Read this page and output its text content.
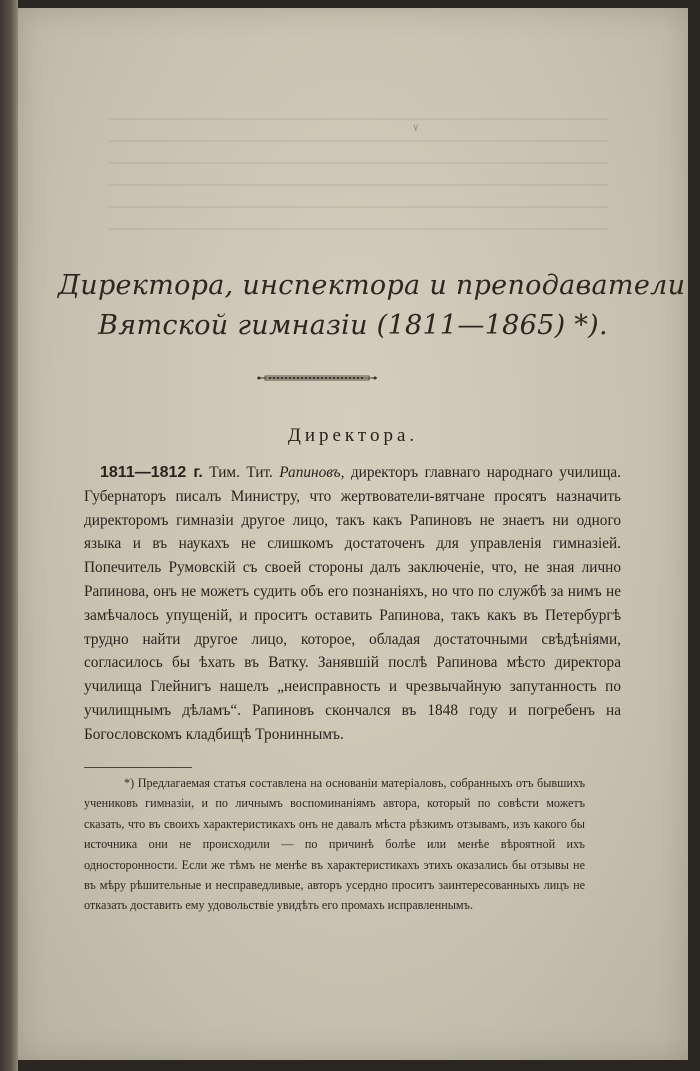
٧
Директора, инспектора и преподаватели
Вятской гимназіи (1811—1865) *).
Директора.

1811—1812 г. Тим. Тит. Рапиновъ, директоръ главнаго народнаго училища. Губернаторъ писалъ Министру, что жертвователи-вятчане просятъ назначить директоромъ гимназіи другое лицо, такъ какъ Рапиновъ не знаетъ ни одного языка и въ наукахъ не слишкомъ достаточенъ для управленія гимназіей. Попечитель Румовскій съ своей стороны далъ заключеніе, что, не зная лично Рапинова, онъ не можетъ судить объ его познаніяхъ, но что по службѣ за нимъ не замѣчалось упущеній, и проситъ оставить Рапинова, такъ какъ въ Петербургѣ трудно найти другое лицо, которое, обладая достаточными свѣдѣніями, согласилось бы ѣхать въ Ватку. Занявшій послѣ Рапинова мѣсто директора училища Глейнигъ нашелъ „неисправность и чрезвычайную запутанность по училищнымъ дѣламъ“. Рапиновъ скончался въ 1848 году и погребенъ на Богословскомъ кладбищѣ Трониннымъ.

*) Предлагаемая статья составлена на основаніи матеріаловъ, собранныхъ отъ бывшихъ учениковъ гимназіи, и по личнымъ воспоминаніямъ автора, который по совѣсти можетъ сказать, что въ своихъ характеристикахъ онъ не давалъ мѣста рѣзкимъ отзывамъ, изъ какого бы источника они не происходили — по причинѣ болѣе или менѣе вѣроятной ихъ односторонности. Если же тѣмъ не менѣе въ характеристикахъ этихъ оказались бы отзывы не въ мѣру рѣшительные и несправедливые, авторъ усердно проситъ заинтересованныхъ лицъ не отказать доставить ему удовольствіе увидѣть его промахъ исправленнымъ.
